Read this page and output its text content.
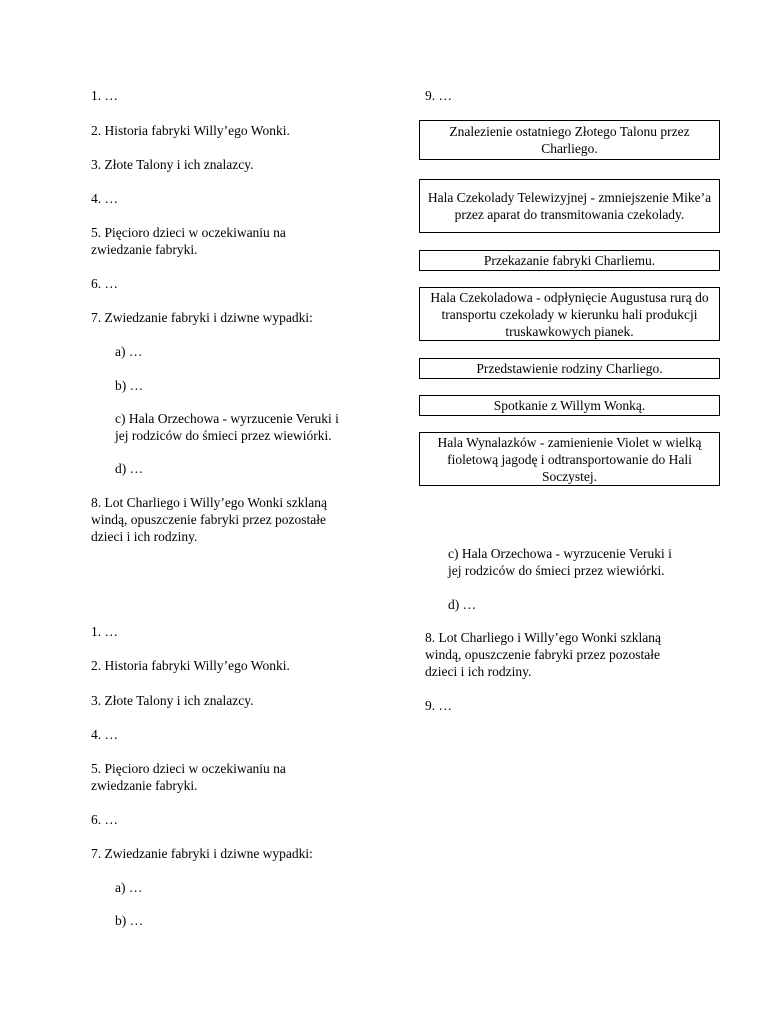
1. …
2. Historia fabryki Willy’ego Wonki.
3. Złote Talony i ich znalazcy.
4. …
5. Pięcioro dzieci w oczekiwaniu na
zwiedzanie fabryki.
6. …
7. Zwiedzanie fabryki i dziwne wypadki:
a) …
b) …
c) Hala Orzechowa - wyrzucenie Veruki i
jej rodziców do śmieci przez wiewiórki.
d) …
8. Lot Charliego i Willy’ego Wonki szklaną
windą, opuszczenie fabryki przez pozostałe
dzieci i ich rodziny.
9. …
Znalezienie ostatniego Złotego Talonu przez Charliego.
Hala Czekolady Telewizyjnej - zmniejszenie Mike’a przez aparat do transmitowania czekolady.
Przekazanie fabryki Charliemu.
Hala Czekoladowa - odpłynięcie Augustusa rurą do transportu czekolady w kierunku hali produkcji truskawkowych pianek.
Przedstawienie rodziny Charliego.
Spotkanie z Willym Wonką.
Hala Wynalazków - zamienienie Violet w wielką fioletową jagodę i odtransportowanie do Hali Soczystej.
c) Hala Orzechowa - wyrzucenie Veruki i
jej rodziców do śmieci przez wiewiórki.
d) …
8. Lot Charliego i Willy’ego Wonki szklaną
windą, opuszczenie fabryki przez pozostałe
dzieci i ich rodziny.
9. …
1. …
2. Historia fabryki Willy’ego Wonki.
3. Złote Talony i ich znalazcy.
4. …
5. Pięcioro dzieci w oczekiwaniu na
zwiedzanie fabryki.
6. …
7. Zwiedzanie fabryki i dziwne wypadki:
a) …
b) …
